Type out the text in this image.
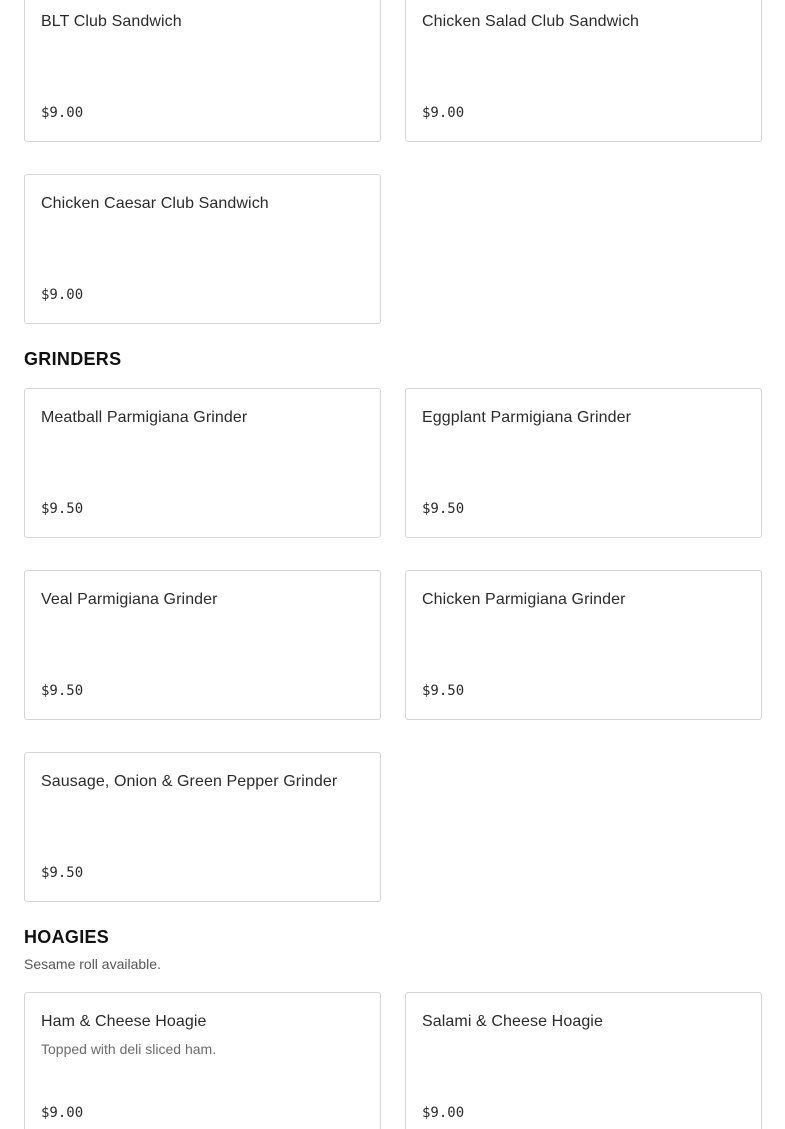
BLT Club Sandwich
$9.00
Chicken Salad Club Sandwich
$9.00
Chicken Caesar Club Sandwich
$9.00
GRINDERS
Meatball Parmigiana Grinder
$9.50
Eggplant Parmigiana Grinder
$9.50
Veal Parmigiana Grinder
$9.50
Chicken Parmigiana Grinder
$9.50
Sausage, Onion & Green Pepper Grinder
$9.50
HOAGIES
Sesame roll available.
Ham & Cheese Hoagie
Topped with deli sliced ham.
$9.00
Salami & Cheese Hoagie
$9.00
